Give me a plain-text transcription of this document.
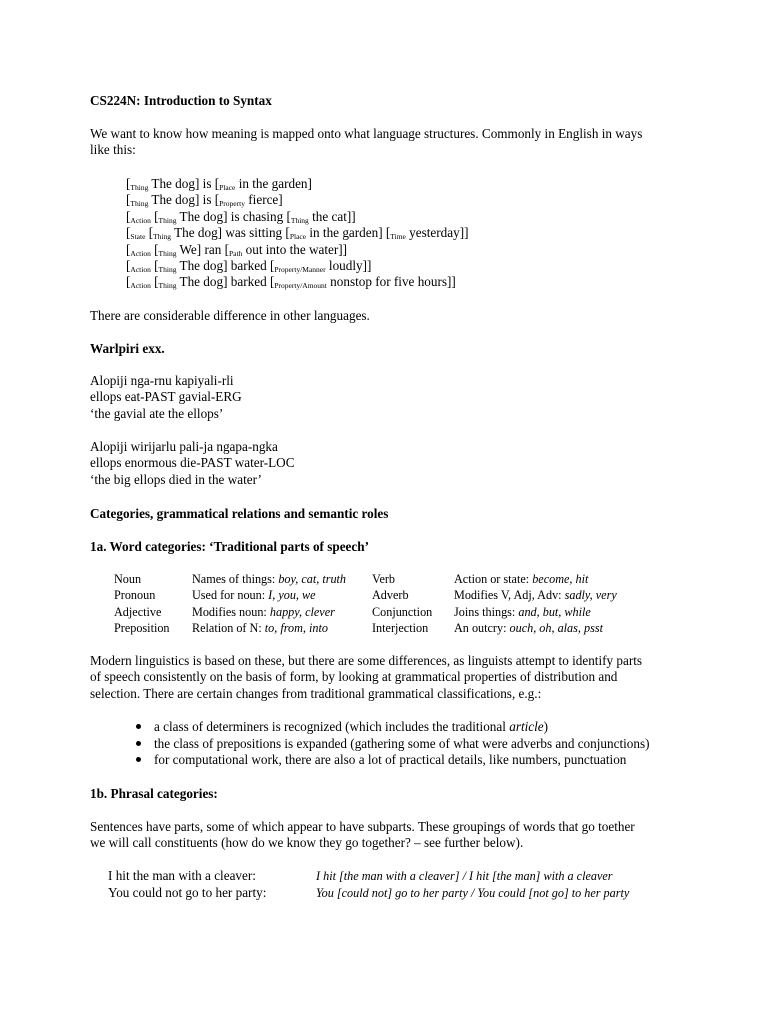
CS224N: Introduction to Syntax
We want to know how meaning is mapped onto what language structures. Commonly in English in ways
like this:
[$_{Thing}$ The dog] is [$_{Place}$ in the garden]
[$_{Thing}$ The dog] is [$_{Property}$ fierce]
[$_{Action}$ [$_{Thing}$ The dog] is chasing [$_{Thing}$ the cat]]
[$_{State}$ [$_{Thing}$ The dog] was sitting [$_{Place}$ in the garden] [$_{Time}$ yesterday]]
[$_{Action}$ [$_{Thing}$ We] ran [$_{Path}$ out into the water]]
[$_{Action}$ [$_{Thing}$ The dog] barked [$_{Property/Manner}$ loudly]]
[$_{Action}$ [$_{Thing}$ The dog] barked [$_{Property/Amount}$ nonstop for five hours]]
There are considerable difference in other languages.
Warlpiri exx.
Alopiji nga-rnu kapiyali-rli
ellops eat-PAST gavial-ERG
‘the gavial ate the ellops’
Alopiji wirijarlu pali-ja ngapa-ngka
ellops enormous die-PAST water-LOC
‘the big ellops died in the water’
Categories, grammatical relations and semantic roles
1a. Word categories: ‘Traditional parts of speech’
Noun	Names of things: boy, cat, truth	Verb	Action or state: become, hit
Pronoun	Used for noun: I, you, we	Adverb	Modifies V, Adj, Adv: sadly, very
Adjective	Modifies noun: happy, clever	Conjunction	Joins things: and, but, while
Preposition	Relation of N: to, from, into	Interjection	An outcry: ouch, oh, alas, psst
Modern linguistics is based on these, but there are some differences, as linguists attempt to identify parts
of speech consistently on the basis of form, by looking at grammatical properties of distribution and
selection. There are certain changes from traditional grammatical classifications, e.g.:
a class of determiners is recognized (which includes the traditional article)
the class of prepositions is expanded (gathering some of what were adverbs and conjunctions)
for computational work, there are also a lot of practical details, like numbers, punctuation
1b. Phrasal categories:
Sentences have parts, some of which appear to have subparts. These groupings of words that go toether
we will call constituents (how do we know they go together? – see further below).
I hit the man with a cleaver:	I hit [the man with a cleaver] / I hit [the man] with a cleaver
You could not go to her party:	You [could not] go to her party / You could [not go] to her party
